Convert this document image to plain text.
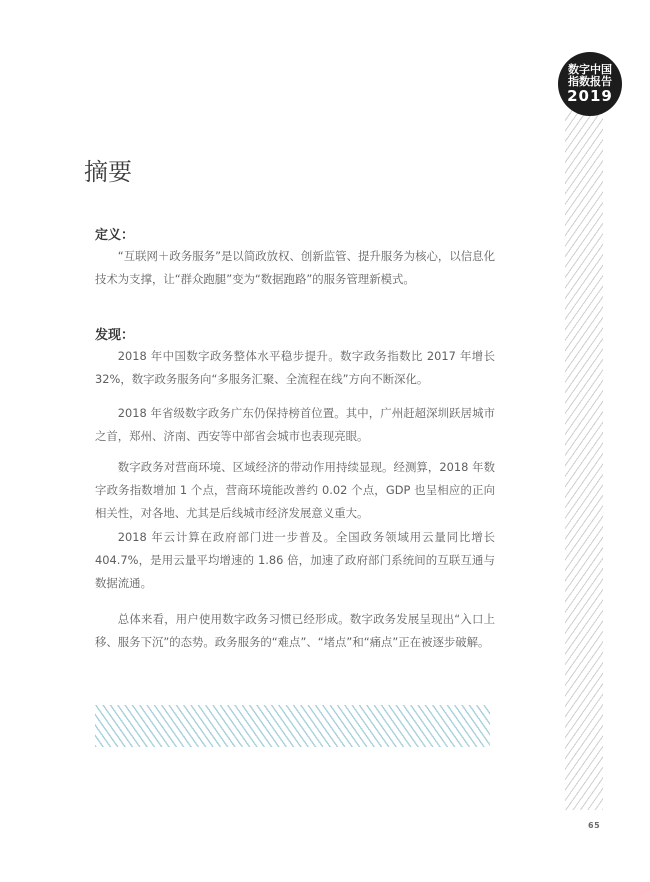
数字中国
指数报告
2019
摘要
定义：

“互联网＋政务服务”是以简政放权、创新监管、提升服务为核心，以信息化技术为支撑，让“群众跑腿”变为“数据跑路”的服务管理新模式。

发现：

2018 年中国数字政务整体水平稳步提升。数字政务指数比 2017 年增长 32%，数字政务服务向“多服务汇聚、全流程在线”方向不断深化。

2018 年省级数字政务广东仍保持榜首位置。其中，广州赶超深圳跃居城市之首，郑州、济南、西安等中部省会城市也表现亮眼。

数字政务对营商环境、区域经济的带动作用持续显现。经测算，2018 年数字政务指数增加 1 个点，营商环境能改善约 0.02 个点，GDP 也呈相应的正向相关性，对各地、尤其是后线城市经济发展意义重大。

2018 年云计算在政府部门进一步普及。全国政务领域用云量同比增长 404.7%，是用云量平均增速的 1.86 倍，加速了政府部门系统间的互联互通与数据流通。

总体来看，用户使用数字政务习惯已经形成。数字政务发展呈现出“入口上移、服务下沉”的态势。政务服务的“难点”、“堵点”和“痛点”正在被逐步破解。

65
